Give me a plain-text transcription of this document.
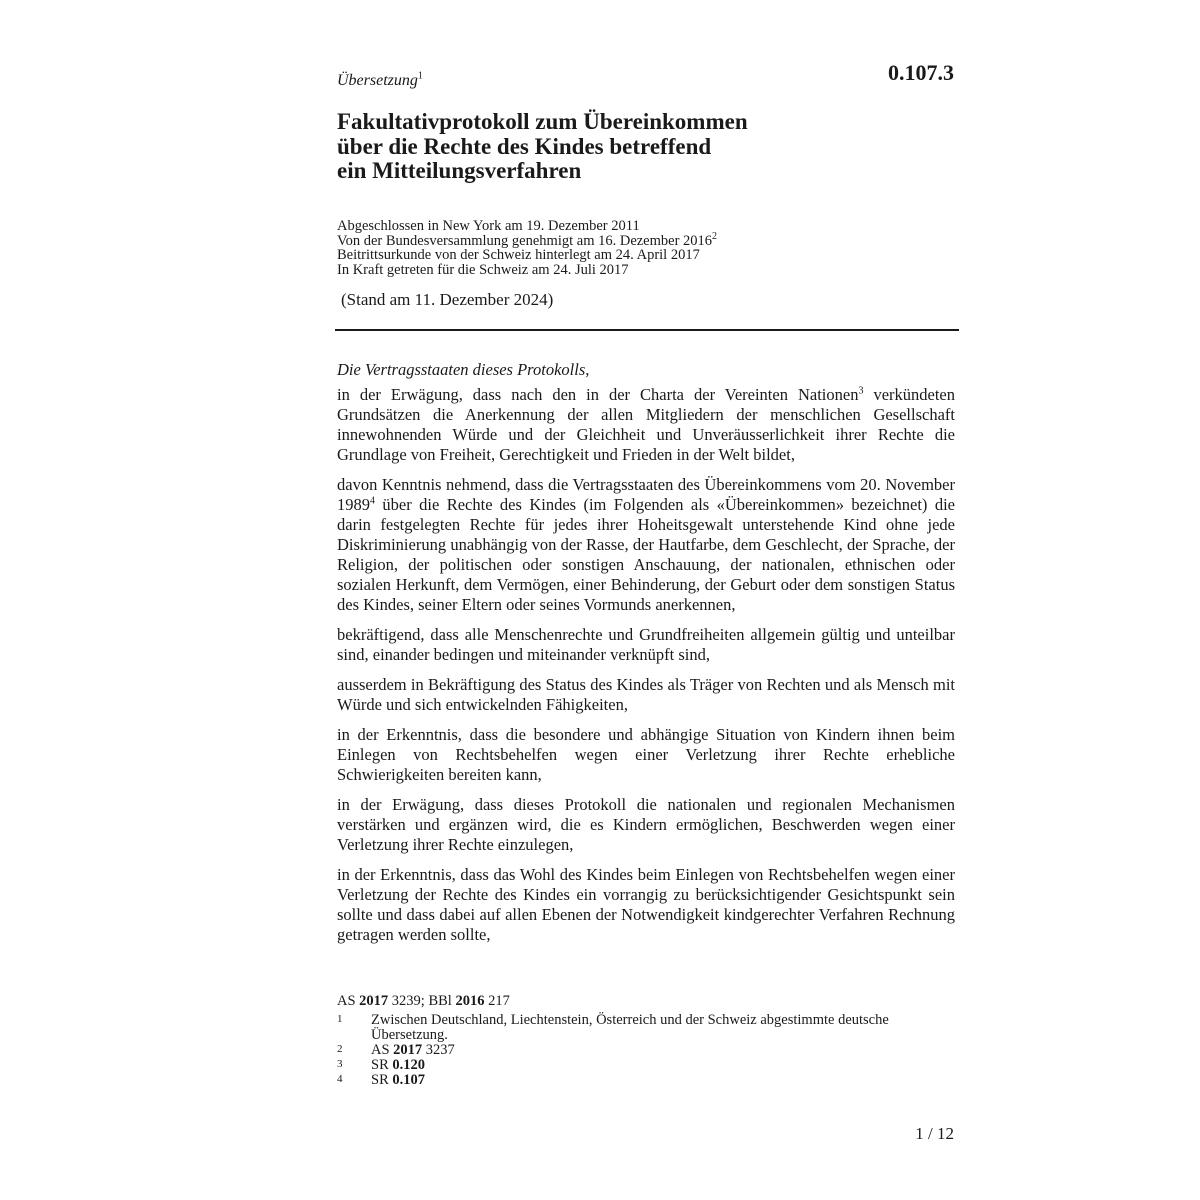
0.107.3
Übersetzung$^1$
Fakultativprotokoll zum Übereinkommen
über die Rechte des Kindes betreffend
ein Mitteilungsverfahren
Abgeschlossen in New York am 19. Dezember 2011
Von der Bundesversammlung genehmigt am 16. Dezember 2016$^2$
Beitrittsurkunde von der Schweiz hinterlegt am 24. April 2017
In Kraft getreten für die Schweiz am 24. Juli 2017
(Stand am 11. Dezember 2024)

Die Vertragsstaaten dieses Protokolls,

in der Erwägung, dass nach den in der Charta der Vereinten Nationen$^3$ verkündeten Grundsätzen die Anerkennung der allen Mitgliedern der menschlichen Gesellschaft innewohnenden Würde und der Gleichheit und Unveräusserlichkeit ihrer Rechte die Grundlage von Freiheit, Gerechtigkeit und Frieden in der Welt bildet,

davon Kenntnis nehmend, dass die Vertragsstaaten des Übereinkommens vom 20. November 1989$^4$ über die Rechte des Kindes (im Folgenden als «Übereinkommen» bezeichnet) die darin festgelegten Rechte für jedes ihrer Hoheitsgewalt unterstehende Kind ohne jede Diskriminierung unabhängig von der Rasse, der Hautfarbe, dem Geschlecht, der Sprache, der Religion, der politischen oder sonstigen Anschauung, der nationalen, ethnischen oder sozialen Herkunft, dem Vermögen, einer Behinderung, der Geburt oder dem sonstigen Status des Kindes, seiner Eltern oder seines Vormunds anerkennen,

bekräftigend, dass alle Menschenrechte und Grundfreiheiten allgemein gültig und unteilbar sind, einander bedingen und miteinander verknüpft sind,

ausserdem in Bekräftigung des Status des Kindes als Träger von Rechten und als Mensch mit Würde und sich entwickelnden Fähigkeiten,

in der Erkenntnis, dass die besondere und abhängige Situation von Kindern ihnen beim Einlegen von Rechtsbehelfen wegen einer Verletzung ihrer Rechte erhebliche Schwierigkeiten bereiten kann,

in der Erwägung, dass dieses Protokoll die nationalen und regionalen Mechanismen verstärken und ergänzen wird, die es Kindern ermöglichen, Beschwerden wegen einer Verletzung ihrer Rechte einzulegen,

in der Erkenntnis, dass das Wohl des Kindes beim Einlegen von Rechtsbehelfen wegen einer Verletzung der Rechte des Kindes ein vorrangig zu berücksichtigender Gesichtspunkt sein sollte und dass dabei auf allen Ebenen der Notwendigkeit kindgerechter Verfahren Rechnung getragen werden sollte,

AS 2017 3239; BBl 2016 217
1	Zwischen Deutschland, Liechtenstein, Österreich und der Schweiz abgestimmte deutsche Übersetzung.
2	AS 2017 3237
3	SR 0.120
4	SR 0.107
1 / 12
